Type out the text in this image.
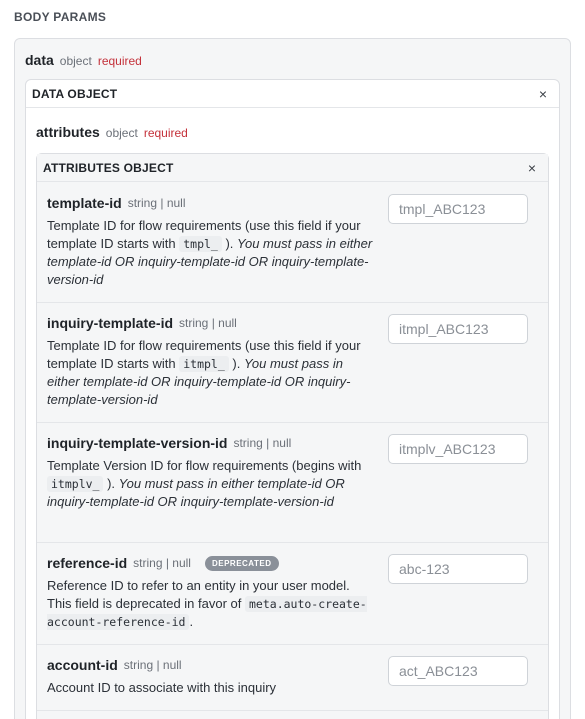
BODY PARAMS
data object required
DATA OBJECT	×
attributes object required
ATTRIBUTES OBJECT	×
template-id string | null
Template ID for flow requirements (use this field if your template ID starts with tmpl_ ). You must pass in either template-id OR inquiry-template-id OR inquiry-template-version-id
tmpl_ABC123
inquiry-template-id string | null
Template ID for flow requirements (use this field if your template ID starts with itmpl_ ). You must pass in either template-id OR inquiry-template-id OR inquiry-template-version-id
itmpl_ABC123
inquiry-template-version-id string | null
Template Version ID for flow requirements (begins with itmplv_ ). You must pass in either template-id OR inquiry-template-id OR inquiry-template-version-id
itmplv_ABC123
reference-id string | null	DEPRECATED
Reference ID to refer to an entity in your user model. This field is deprecated in favor of meta.auto-create-account-reference-id .
abc-123
account-id string | null
Account ID to associate with this inquiry
act_ABC123
